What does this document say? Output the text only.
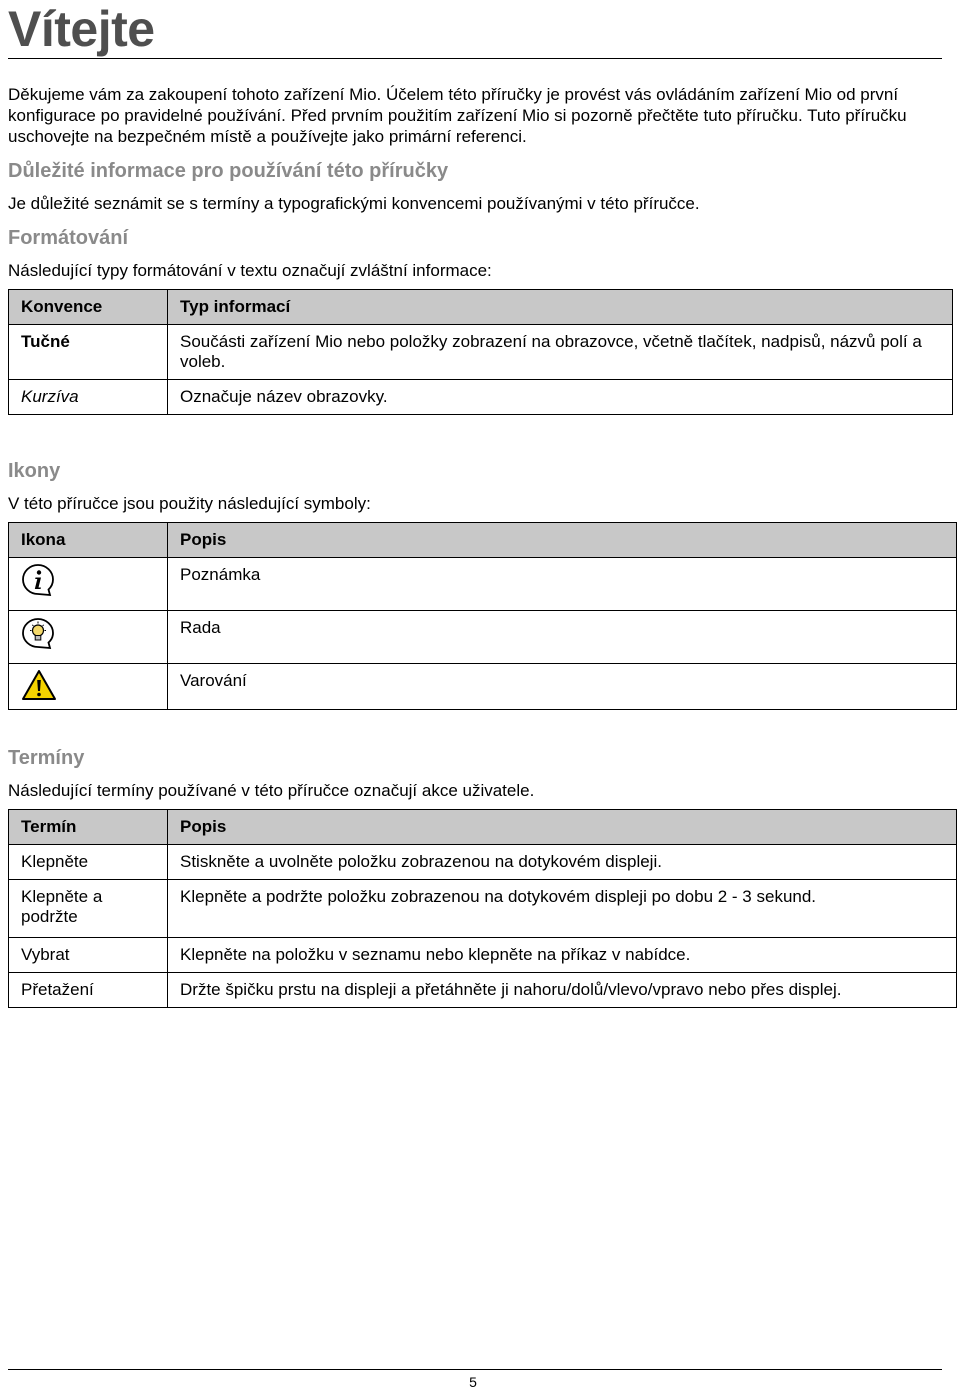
Vítejte

Děkujeme vám za zakoupení tohoto zařízení Mio. Účelem této příručky je provést vás ovládáním zařízení Mio od první konfigurace po pravidelné používání. Před prvním použitím zařízení Mio si pozorně přečtěte tuto příručku. Tuto příručku uschovejte na bezpečném místě a používejte jako primární referenci.

Důležité informace pro používání této příručky

Je důležité seznámit se s termíny a typografickými konvencemi používanými v této příručce.

Formátování

Následující typy formátování v textu označují zvláštní informace:

Konvence	Typ informací
Tučné	Součásti zařízení Mio nebo položky zobrazení na obrazovce, včetně tlačítek, nadpisů, názvů polí a voleb.
Kurzíva	Označuje název obrazovky.
Ikony

V této příručce jsou použity následující symboly:

Ikona	Popis

	Poznámka

	Rada

	Varování
Termíny

Následující termíny používané v této příručce označují akce uživatele.

Termín	Popis
Klepněte	Stiskněte a uvolněte položku zobrazenou na dotykovém displeji.
Klepněte a podržte	Klepněte a podržte položku zobrazenou na dotykovém displeji po dobu 2 - 3 sekund.
Vybrat	Klepněte na položku v seznamu nebo klepněte na příkaz v nabídce.
Přetažení	Držte špičku prstu na displeji a přetáhněte ji nahoru/dolů/vlevo/vpravo nebo přes displej.
5
